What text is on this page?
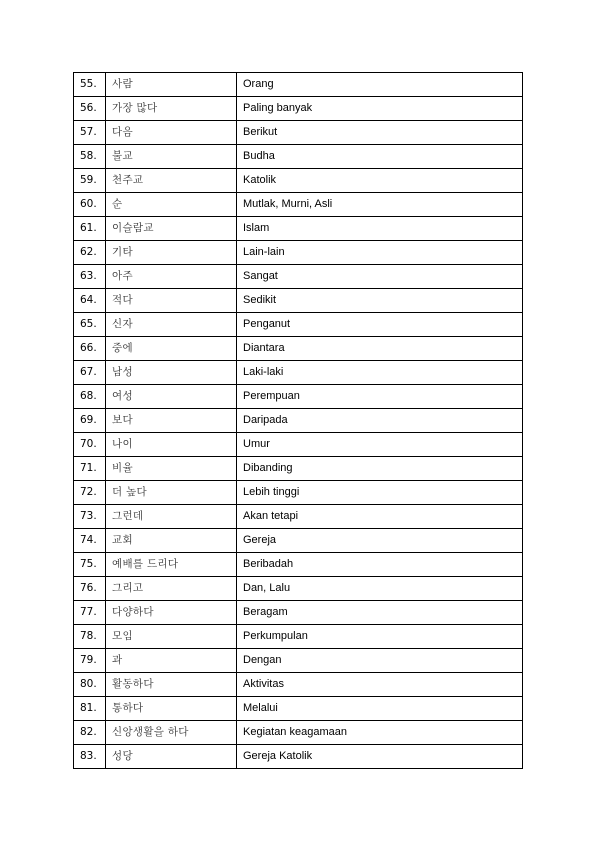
55.	사람	Orang
56.	가장 많다	Paling banyak
57.	다음	Berikut
58.	불교	Budha
59.	천주교	Katolik
60.	순	Mutlak, Murni, Asli
61.	이슬람교	Islam
62.	기타	Lain-lain
63.	아주	Sangat
64.	적다	Sedikit
65.	신자	Penganut
66.	중에	Diantara
67.	남성	Laki-laki
68.	여성	Perempuan
69.	보다	Daripada
70.	나이	Umur
71.	비율	Dibanding
72.	더 높다	Lebih tinggi
73.	그런데	Akan tetapi
74.	교회	Gereja
75.	예배를 드리다	Beribadah
76.	그리고	Dan, Lalu
77.	다양하다	Beragam
78.	모임	Perkumpulan
79.	과	Dengan
80.	활동하다	Aktivitas
81.	통하다	Melalui
82.	신앙생활을 하다	Kegiatan keagamaan
83.	성당	Gereja Katolik
